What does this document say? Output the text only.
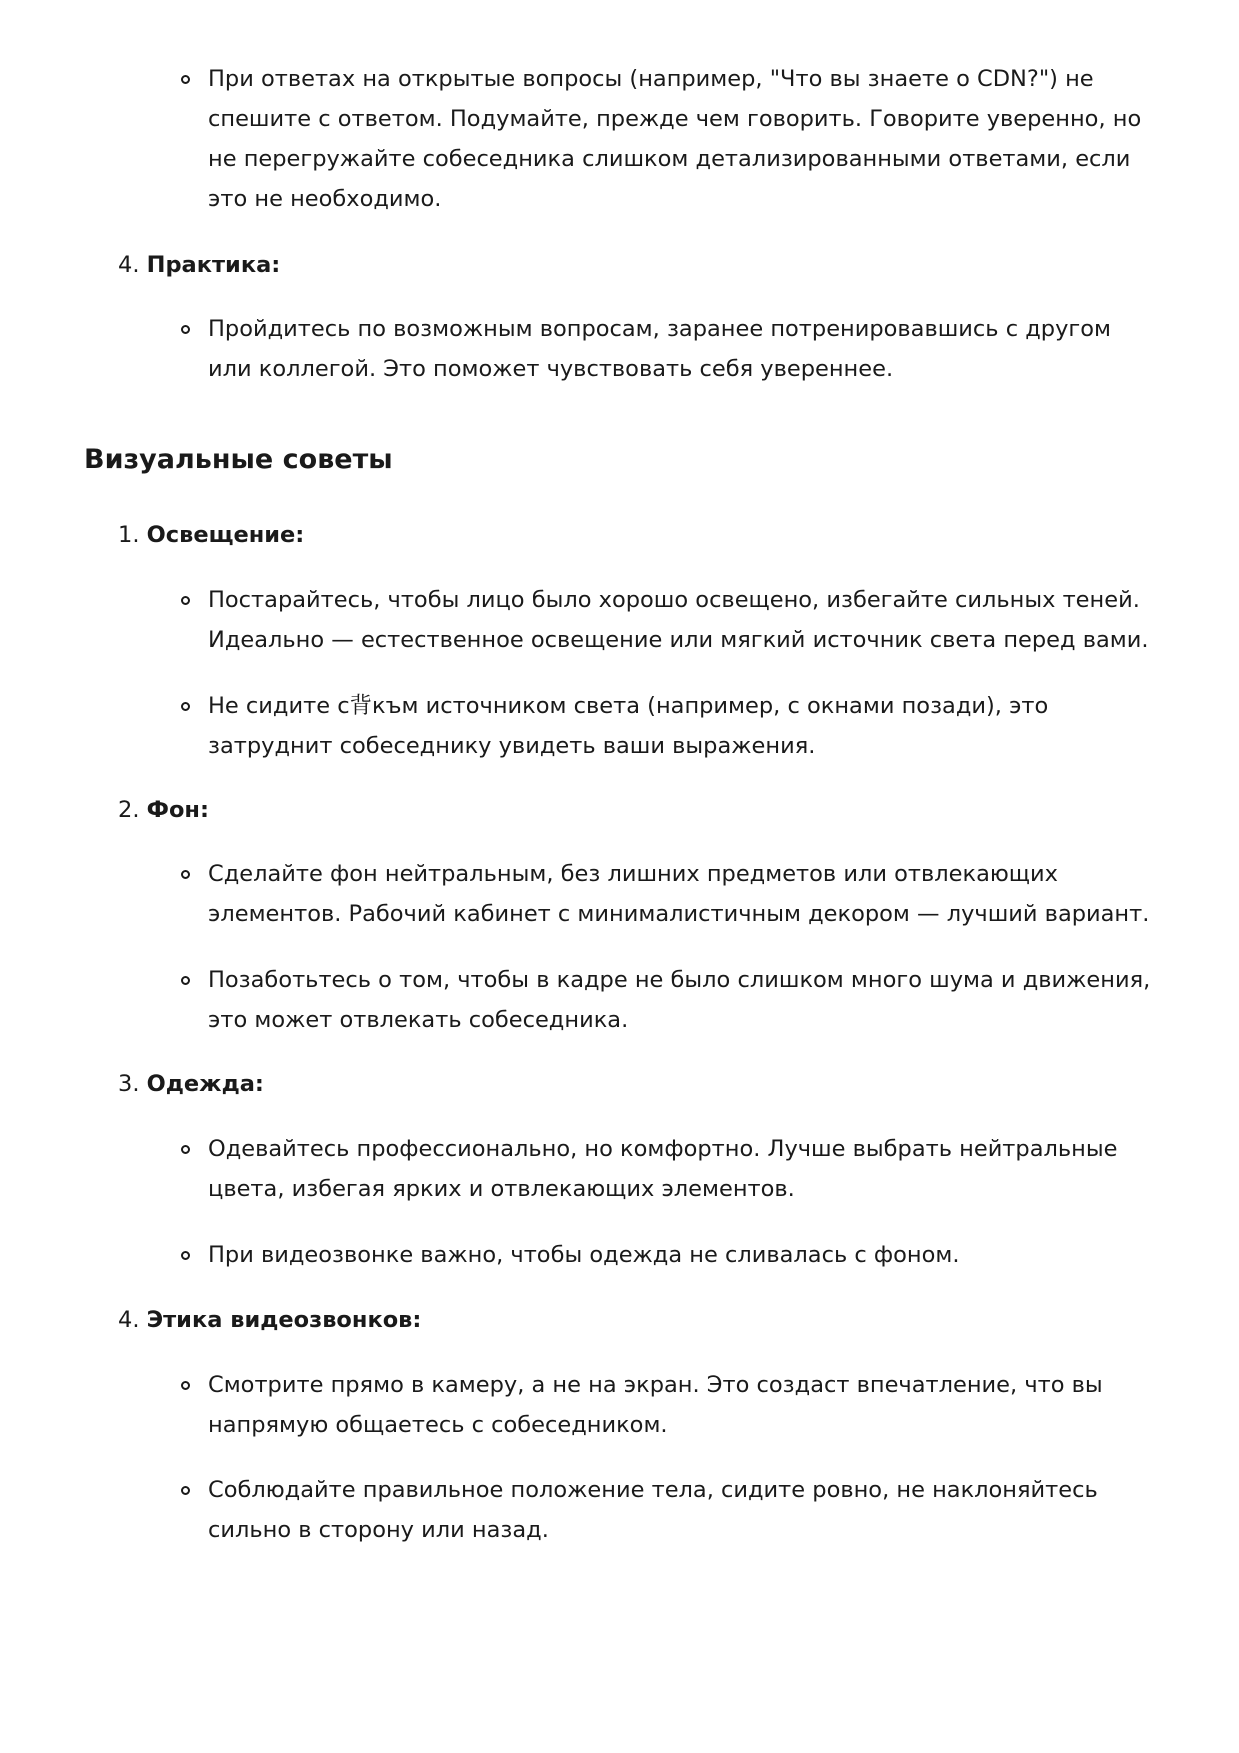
При ответах на открытые вопросы (например, "Что вы знаете о CDN?") не спешите с ответом. Подумайте, прежде чем говорить. Говорите уверенно, но не перегружайте собеседника слишком детализированными ответами, если это не необходимо.
4. Практика:
Пройдитесь по возможным вопросам, заранее потренировавшись с другом или коллегой. Это поможет чувствовать себя увереннее.
Визуальные советы
1. Освещение:
Постарайтесь, чтобы лицо было хорошо освещено, избегайте сильных теней. Идеально — естественное освещение или мягкий источник света перед вами.
Не сидите с背към источником света (например, с окнами позади), это затруднит собеседнику увидеть ваши выражения.
2. Фон:
Сделайте фон нейтральным, без лишних предметов или отвлекающих элементов. Рабочий кабинет с минималистичным декором — лучший вариант.
Позаботьтесь о том, чтобы в кадре не было слишком много шума и движения, это может отвлекать собеседника.
3. Одежда:
Одевайтесь профессионально, но комфортно. Лучше выбрать нейтральные цвета, избегая ярких и отвлекающих элементов.
При видеозвонке важно, чтобы одежда не сливалась с фоном.
4. Этика видеозвонков:
Смотрите прямо в камеру, а не на экран. Это создаст впечатление, что вы напрямую общаетесь с собеседником.
Соблюдайте правильное положение тела, сидите ровно, не наклоняйтесь сильно в сторону или назад.
